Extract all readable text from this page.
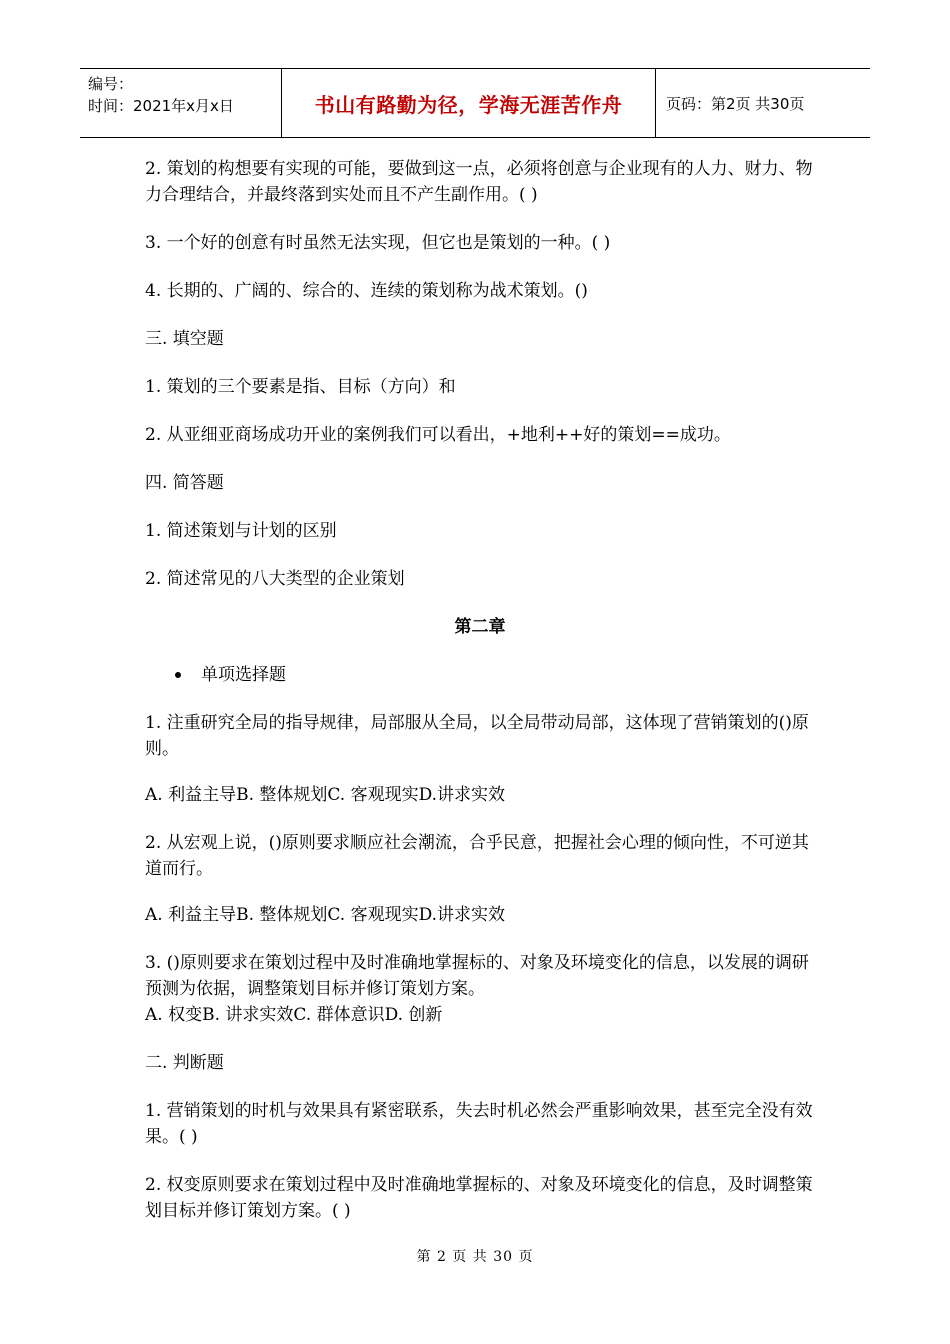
编号：
时间：2021年x月x日	书山有路勤为径，学海无涯苦作舟	页码：第2页 共30页

2. 策划的构想要有实现的可能，要做到这一点，必须将创意与企业现有的人力、财力、物力合理结合，并最终落到实处而且不产生副作用。( )

3. 一个好的创意有时虽然无法实现，但它也是策划的一种。( )

4. 长期的、广阔的、综合的、连续的策划称为战术策划。()

三. 填空题

1. 策划的三个要素是指、目标（方向）和

2. 从亚细亚商场成功开业的案例我们可以看出，+地利++好的策划==成功。

四. 简答题

1. 简述策划与计划的区别

2. 简述常见的八大类型的企业策划

第二章
单项选择题

1. 注重研究全局的指导规律，局部服从全局，以全局带动局部，这体现了营销策划的()原则。

A. 利益主导B. 整体规划C. 客观现实D.讲求实效

2. 从宏观上说，()原则要求顺应社会潮流，合乎民意，把握社会心理的倾向性，不可逆其道而行。

A. 利益主导B. 整体规划C. 客观现实D.讲求实效

3. ()原则要求在策划过程中及时准确地掌握标的、对象及环境变化的信息，以发展的调研预测为依据，调整策划目标并修订策划方案。

A. 权变B. 讲求实效C. 群体意识D. 创新

二. 判断题

1. 营销策划的时机与效果具有紧密联系，失去时机必然会严重影响效果，甚至完全没有效果。( )

2. 权变原则要求在策划过程中及时准确地掌握标的、对象及环境变化的信息，及时调整策划目标并修订策划方案。( )

第 2 页 共 30 页
